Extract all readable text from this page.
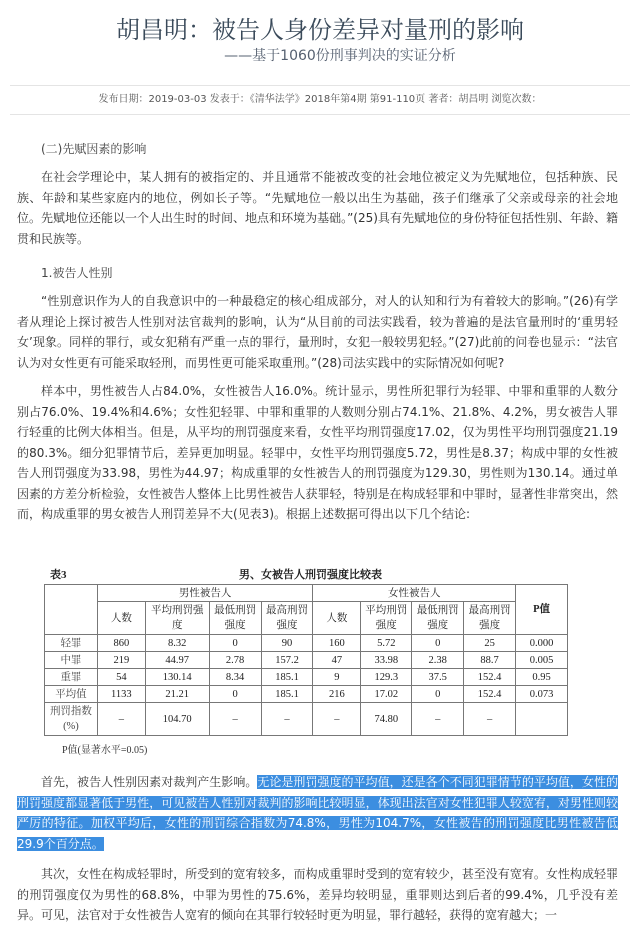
胡昌明：被告人身份差异对量刑的影响

——基于1060份刑事判决的实证分析

发布日期：2019-03-03 发表于：《清华法学》2018年第4期 第91-110页 著者：胡昌明 浏览次数：
(二)先赋因素的影响

在社会学理论中，某人拥有的被指定的、并且通常不能被改变的社会地位被定义为先赋地位，包括种族、民族、年龄和某些家庭内的地位，例如长子等。“先赋地位一般以出生为基础，孩子们继承了父亲或母亲的社会地位。先赋地位还能以一个人出生时的时间、地点和环境为基础。”(25)具有先赋地位的身份特征包括性别、年龄、籍贯和民族等。

1.被告人性别

“性别意识作为人的自我意识中的一种最稳定的核心组成部分，对人的认知和行为有着较大的影响。”(26)有学者从理论上探讨被告人性别对法官裁判的影响，认为“从目前的司法实践看，较为普遍的是法官量刑时的‘重男轻女’现象。同样的罪行，或女犯稍有严重一点的罪行，量刑时，女犯一般较男犯轻。”(27)此前的问卷也显示：“法官认为对女性更有可能采取轻刑，而男性更可能采取重刑。”(28)司法实践中的实际情况如何呢?

样本中，男性被告人占84.0%，女性被告人16.0%。统计显示，男性所犯罪行为轻罪、中罪和重罪的人数分别占76.0%、19.4%和4.6%；女性犯轻罪、中罪和重罪的人数则分别占74.1%、21.8%、4.2%，男女被告人罪行轻重的比例大体相当。但是，从平均的刑罚强度来看，女性平均刑罚强度17.02，仅为男性平均刑罚强度21.19的80.3%。细分犯罪情节后，差异更加明显。轻罪中，女性平均刑罚强度5.72，男性是8.37；构成中罪的女性被告人刑罚强度为33.98，男性为44.97；构成重罪的女性被告人的刑罚强度为129.30，男性则为130.14。通过单因素的方差分析检验，女性被告人整体上比男性被告人获罪轻，特别是在构成轻罪和中罪时，显著性非常突出，然而，构成重罪的男女被告人刑罚差异不大(见表3)。根据上述数据可得出以下几个结论:

表3	男、女被告人刑罚强度比较表
	男性被告人				女性被告人				P值
	人数	平均刑罚强度	最低刑罚强度	最高刑罚强度	人数	平均刑罚强度	最低刑罚强度	最高刑罚强度	
轻罪	860	8.32	0	90	160	5.72	0	25	0.000
中罪	219	44.97	2.78	157.2	47	33.98	2.38	88.7	0.005
重罪	54	130.14	8.34	185.1	9	129.3	37.5	152.4	0.95
平均值	1133	21.21	0	185.1	216	17.02	0	152.4	0.073
刑罚指数(%)	–	104.70	–	–	–	74.80	–	–	
P值(显著水平=0.05)

首先，被告人性别因素对裁判产生影响。无论是刑罚强度的平均值，还是各个不同犯罪情节的平均值，女性的刑罚强度都显著低于男性，可见被告人性别对裁判的影响比较明显，体现出法官对女性犯罪人较宽宥，对男性则较严厉的特征。加权平均后，女性的刑罚综合指数为74.8%，男性为104.7%，女性被告的刑罚强度比男性被告低29.9个百分点。

其次，女性在构成轻罪时，所受到的宽宥较多，而构成重罪时受到的宽宥较少，甚至没有宽宥。女性构成轻罪的刑罚强度仅为男性的68.8%，中罪为男性的75.6%，差异均较明显，重罪则达到后者的99.4%，几乎没有差异。可见，法官对于女性被告人宽宥的倾向在其罪行较轻时更为明显，罪行越轻，获得的宽宥越大；一
